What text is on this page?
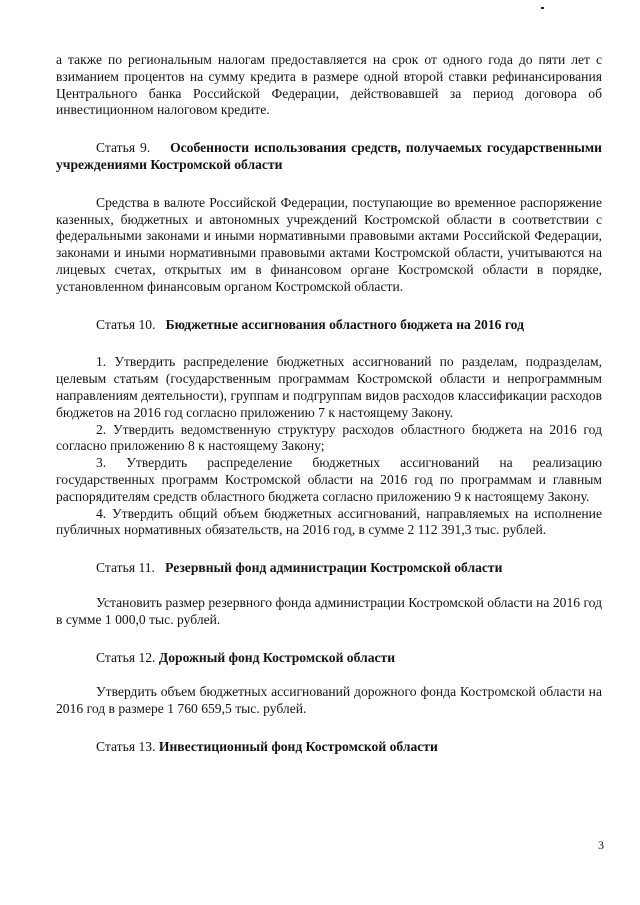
а также по региональным налогам предоставляется на срок от одного года до пяти лет с взиманием процентов на сумму кредита в размере одной второй ставки рефинансирования Центрального банка Российской Федерации, действовавшей за период договора об инвестиционном налоговом кредите.

Статья 9. Особенности использования средств, получаемых государственными учреждениями Костромской области

Средства в валюте Российской Федерации, поступающие во временное распоряжение казенных, бюджетных и автономных учреждений Костромской области в соответствии с федеральными законами и иными нормативными правовыми актами Российской Федерации, законами и иными нормативными правовыми актами Костромской области, учитываются на лицевых счетах, открытых им в финансовом органе Костромской области в порядке, установленном финансовым органом Костромской области.

Статья 10. Бюджетные ассигнования областного бюджета на 2016 год

1. Утвердить распределение бюджетных ассигнований по разделам, подразделам, целевым статьям (государственным программам Костромской области и непрограммным направлениям деятельности), группам и подгруппам видов расходов классификации расходов бюджетов на 2016 год согласно приложению 7 к настоящему Закону.

2. Утвердить ведомственную структуру расходов областного бюджета на 2016 год согласно приложению 8 к настоящему Закону;

3. Утвердить распределение бюджетных ассигнований на реализацию государственных программ Костромской области на 2016 год по программам и главным распорядителям средств областного бюджета согласно приложению 9 к настоящему Закону.

4. Утвердить общий объем бюджетных ассигнований, направляемых на исполнение публичных нормативных обязательств, на 2016 год, в сумме 2 112 391,3 тыс. рублей.

Статья 11. Резервный фонд администрации Костромской области

Установить размер резервного фонда администрации Костромской области на 2016 год в сумме 1 000,0 тыс. рублей.

Статья 12. Дорожный фонд Костромской области

Утвердить объем бюджетных ассигнований дорожного фонда Костромской области на 2016 год в размере 1 760 659,5 тыс. рублей.

Статья 13. Инвестиционный фонд Костромской области

3
